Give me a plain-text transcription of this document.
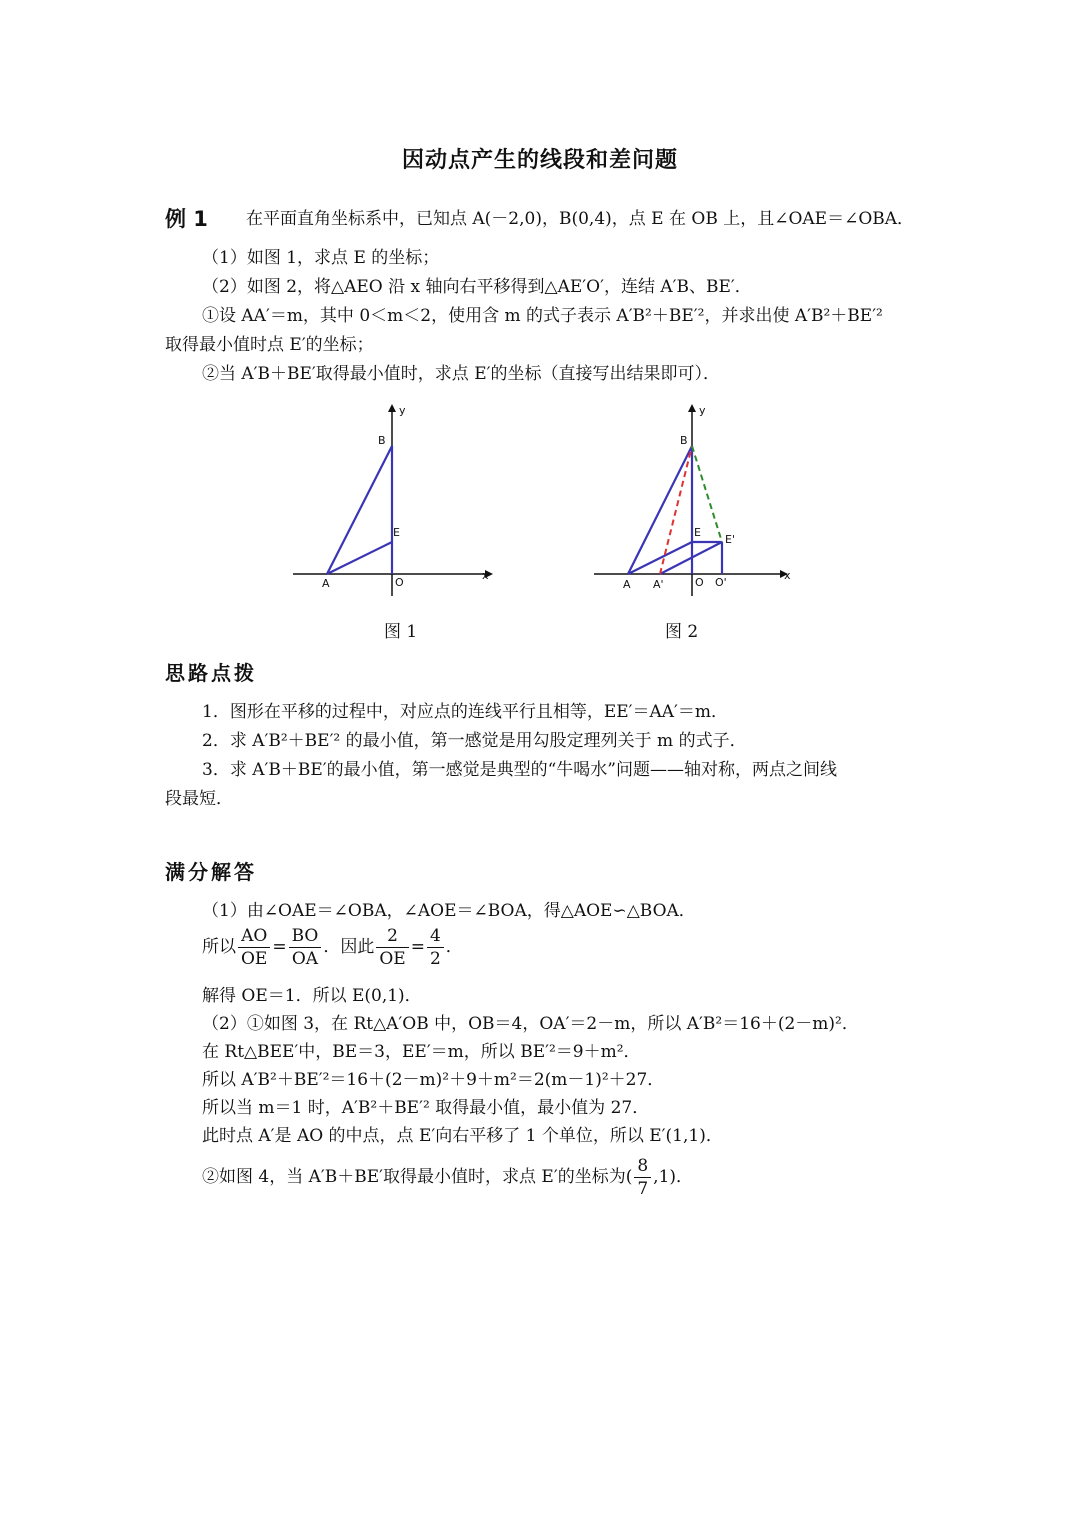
因动点产生的线段和差问题
例 1 在平面直角坐标系中，已知点 A(－2,0)，B(0,4)，点 E 在 OB 上，且∠OAE＝∠OBA．
（1）如图 1，求点 E 的坐标；
（2）如图 2，将△AEO 沿 x 轴向右平移得到△AE′O′，连结 A′B、BE′．
①设 AA′＝m，其中 0＜m＜2，使用含 m 的式子表示 A′B²＋BE′²，并求出使 A′B²＋BE′²
取得最小值时点 E′的坐标；
②当 A′B＋BE′取得最小值时，求点 E′的坐标（直接写出结果即可）．
y
x
B
E
A	O
图 1
y
x
B
E
E'
A A'	O O'
图 2
思路点拨
1．图形在平移的过程中，对应点的连线平行且相等，EE′＝AA′＝m．
2．求 A′B²＋BE′² 的最小值，第一感觉是用勾股定理列关于 m 的式子．
3．求 A′B＋BE′的最小值，第一感觉是典型的“牛喝水”问题——轴对称，两点之间线
段最短．
满分解答
（1）由∠OAE＝∠OBA，∠AOE＝∠BOA，得△AOE∽△BOA．
所以 $\frac{AO}{OE} = \frac{BO}{OA}$ ．因此 $\frac{2}{OE} = \frac{4}{2}$ ．
解得 OE＝1．所以 E(0,1)．
（2）①如图 3，在 Rt△A′OB 中，OB＝4，OA′＝2－m，所以 A′B²＝16＋(2－m)²．
在 Rt△BEE′中，BE＝3，EE′＝m，所以 BE′²＝9＋m²．
所以 A′B²＋BE′²＝16＋(2－m)²＋9＋m²＝2(m－1)²＋27．
所以当 m＝1 时，A′B²＋BE′² 取得最小值，最小值为 27．
此时点 A′是 AO 的中点，点 E′向右平移了 1 个单位，所以 E′(1,1)．
②如图 4，当 A′B＋BE′取得最小值时，求点 E′的坐标为( $\frac{8}{7} ,1$)．
